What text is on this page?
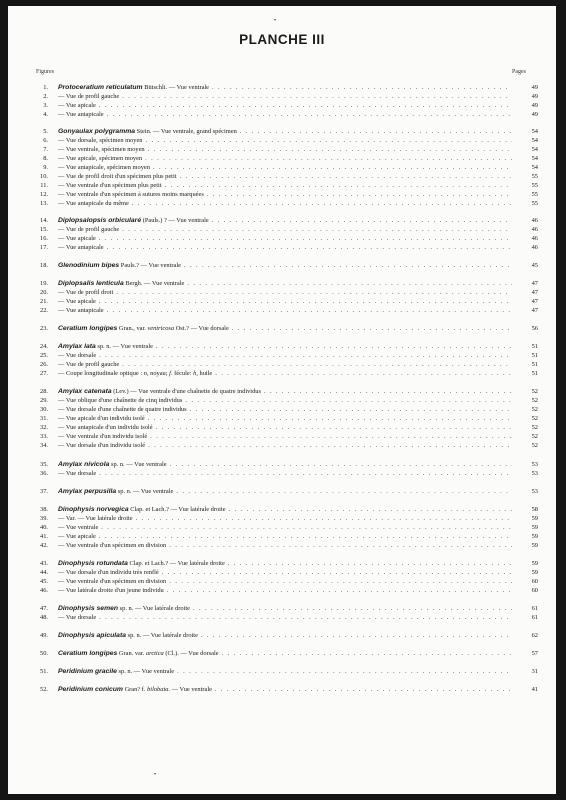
•
PLANCHE III
Figures	Pages
1. Protoceratium reticulatum Bütschli. — Vue ventrale . . .	49
2. — Vue de profil gauche . . .	49
3. — Vue apicale . . .	49
4. — Vue antapicale . . .	49
5. Gonyaulax polygramma Stein. — Vue ventrale, grand spécimen . . .	54
6. — Vue dorsale, spécimen moyen . . .	54
7. — Vue ventrale, spécimen moyen . . .	54
8. — Vue apicale, spécimen moyen . . .	54
9. — Vue antapicale, spécimen moyen . . .	54
10. — Vue de profil droit d'un spécimen plus petit . . .	55
11. — Vue ventrale d'un spécimen plus petit . . .	55
12. — Vue ventrale d'un spécimen à sutures moins marquées . . .	55
13. — Vue antapicale du même . . .	55
14. Diplopsalopsis orbicularé (Pauls.) ? — Vue ventrale . . .	46
15. — Vue de profil gauche . . .	46
16. — Vue apicale . . .	46
17. — Vue antapicale . . .	46
18. Glenodinium bipes Pauls.? — Vue ventrale . . .	45
19. Diplopsalis lenticula Bergh. — Vue ventrale . . .	47
20. — Vue de profil droit . . .	47
21. — Vue apicale . . .	47
22. — Vue antapicale . . .	47
23. Ceratium longipes Gran., var. ventricosa Ost.? — Vue dorsale . . .	56
24. Amylax lata sp. n. — Vue ventrale . . .	51
25. — Vue dorsale . . .	51
26. — Vue de profil gauche . . .	51
27. — Coupe longitudinale optique : n, noyau; f. fécule: h, huile . . .	51
28. Amylax catenata (Lev.) — Vue ventrale d'une chaînette de quatre individus . . .	52
29. — Vue oblique d'une chaînette de cinq individus . . .	52
30. — Vue dorsale d'une chaînette de quatre individus . . .	52
31. — Vue apicale d'un individu isolé . . .	52
32. — Vue antapicale d'un individu isolé . . .	52
33. — Vue ventrale d'un individu isolé . . .	52
34. — Vue dorsale d'un individu isolé . . .	52
35. Amylax nivicola sp. n. — Vue ventrale . . .	53
36. — Vue dorsale . . .	53
37. Amylax perpusilla sp. n. — Vue ventrale . . .	53
38. Dinophysis norvegica Clap. et Lach.? — Vue latérale droite . . .	58
39. — Var. — Vue latérale droite . . .	59
40. — Vue ventrale . . .	59
41. — Vue apicale . . .	59
42. — Vue ventrale d'un spécimen en division . . .	59
43. Dinophysis rotundata Clap. et Lach.? — Vue latérale droite . . .	59
44. — Vue dorsale d'un individu très renflé . . .	59
45. — Vue ventrale d'un spécimen en division . . .	60
46. — Vue latérale droite d'un jeune individu . . .	60
47. Dinophysis semen sp. n. — Vue latérale droite . . .	61
48. — Vue dorsale . . .	61
49. Dinophysis apiculata sp. n. — Vue latérale droite . . .	62
50. Ceratium longipes Gran. var. arctica (Cl.). — Vue dorsale . . .	57
51. Peridinium gracile sp. n. — Vue ventrale . . .	31
52. Peridinium conicum Gran? f. bilobata. — Vue ventrale . . .	41
•
